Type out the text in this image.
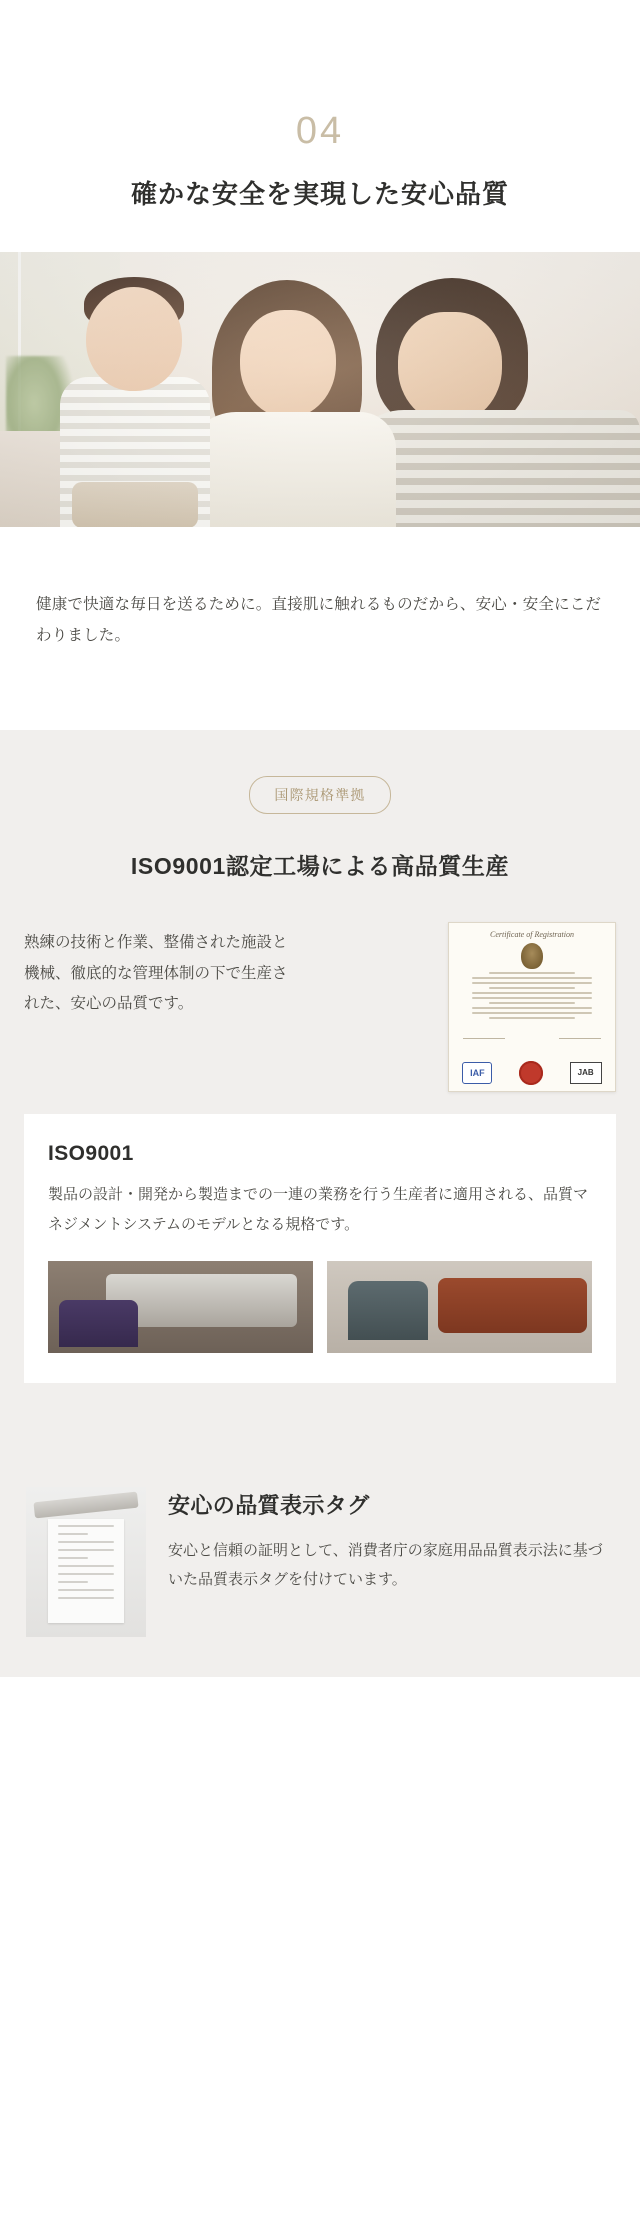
04
確かな安全を実現した安心品質

健康で快適な毎日を送るために。直接肌に触れるものだから、安心・安全にこだわりました。

国際規格準拠
ISO9001認定工場による高品質生産

熟練の技術と作業、整備された施設と機械、徹底的な管理体制の下で生産された、安心の品質です。

Certificate of Registration
IAF	JAB
ISO9001

製品の設計・開発から製造までの一連の業務を行う生産者に適用される、品質マネジメントシステムのモデルとなる規格です。

安心の品質表示タグ

安心と信頼の証明として、消費者庁の家庭用品品質表示法に基づいた品質表示タグを付けています。
